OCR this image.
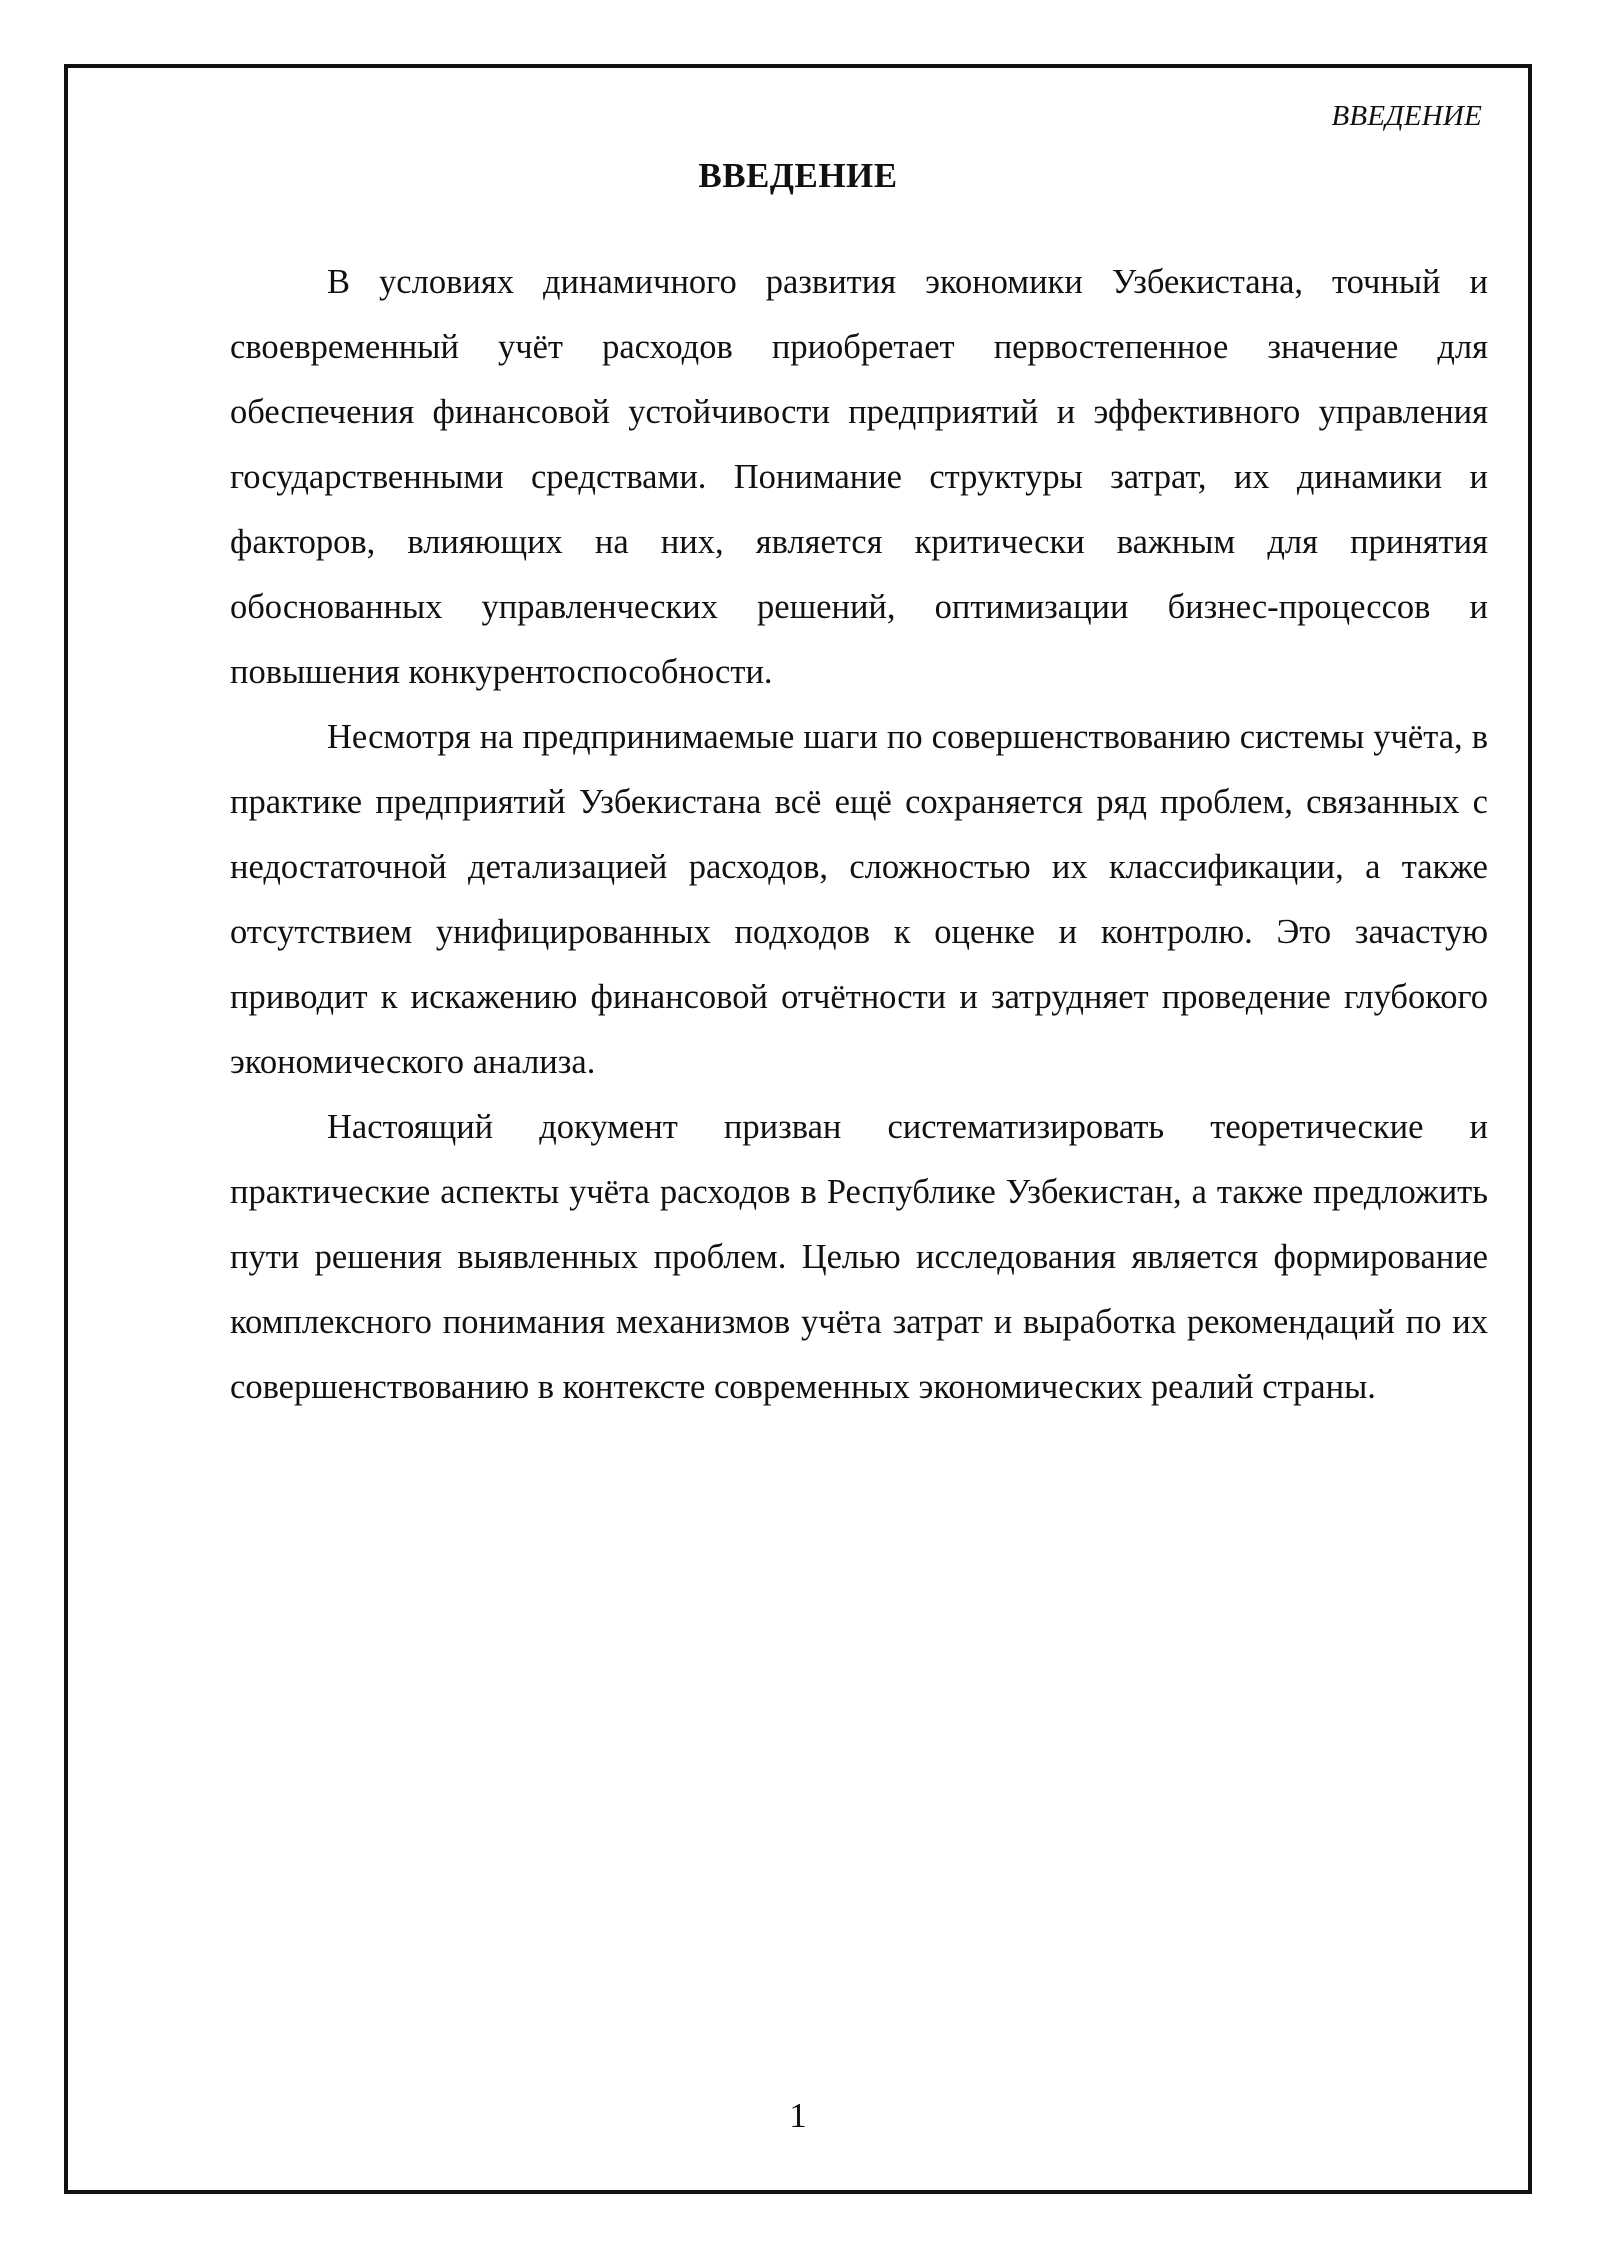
ВВЕДЕНИЕ
ВВЕДЕНИЕ

В условиях динамичного развития экономики Узбекистана, точный и своевременный учёт расходов приобретает первостепенное значение для обеспечения финансовой устойчивости предприятий и эффективного управления государственными средствами. Понимание структуры затрат, их динамики и факторов, влияющих на них, является критически важным для принятия обоснованных управленческих решений, оптимизации бизнес-процессов и повышения конкурентоспособности.

Несмотря на предпринимаемые шаги по совершенствованию системы учёта, в практике предприятий Узбекистана всё ещё сохраняется ряд проблем, связанных с недостаточной детализацией расходов, сложностью их классификации, а также отсутствием унифицированных подходов к оценке и контролю. Это зачастую приводит к искажению финансовой отчётности и затрудняет проведение глубокого экономического анализа.

Настоящий документ призван систематизировать теоретические и практические аспекты учёта расходов в Республике Узбекистан, а также предложить пути решения выявленных проблем. Целью исследования является формирование комплексного понимания механизмов учёта затрат и выработка рекомендаций по их совершенствованию в контексте современных экономических реалий страны.

1
